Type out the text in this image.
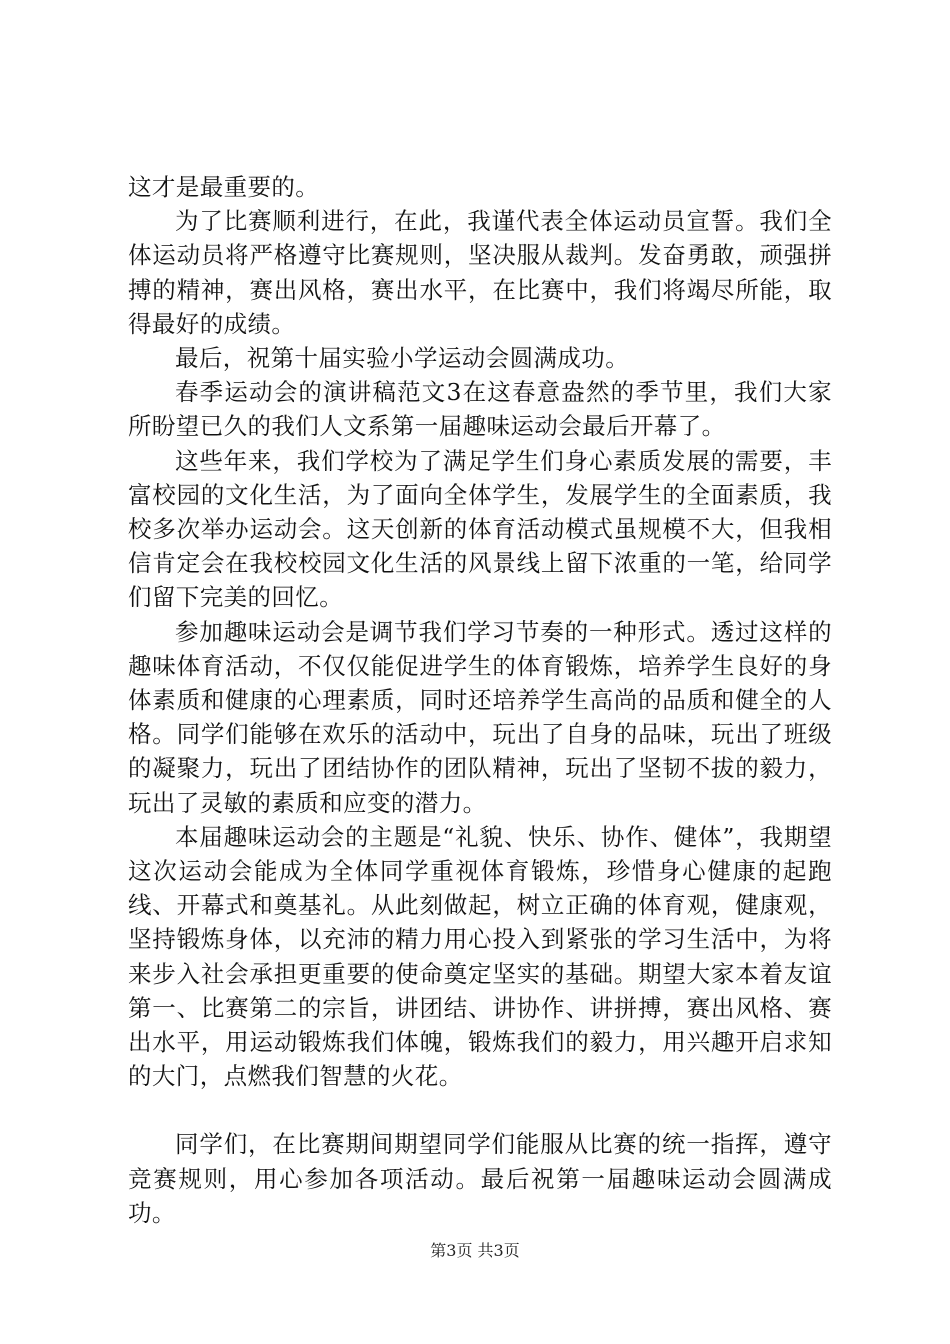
这才是最重要的。

为了比赛顺利进行，在此，我谨代表全体运动员宣誓。我们全体运动员将严格遵守比赛规则，坚决服从裁判。发奋勇敢，顽强拼搏的精神，赛出风格，赛出水平，在比赛中，我们将竭尽所能，取得最好的成绩。

最后，祝第十届实验小学运动会圆满成功。

春季运动会的演讲稿范文3在这春意盎然的季节里，我们大家所盼望已久的我们人文系第一届趣味运动会最后开幕了。

这些年来，我们学校为了满足学生们身心素质发展的需要，丰富校园的文化生活，为了面向全体学生，发展学生的全面素质，我校多次举办运动会。这天创新的体育活动模式虽规模不大，但我相信肯定会在我校校园文化生活的风景线上留下浓重的一笔，给同学们留下完美的回忆。

参加趣味运动会是调节我们学习节奏的一种形式。透过这样的趣味体育活动，不仅仅能促进学生的体育锻炼，培养学生良好的身体素质和健康的心理素质，同时还培养学生高尚的品质和健全的人格。同学们能够在欢乐的活动中，玩出了自身的品味，玩出了班级的凝聚力，玩出了团结协作的团队精神，玩出了坚韧不拔的毅力，玩出了灵敏的素质和应变的潜力。

本届趣味运动会的主题是“礼貌、快乐、协作、健体”，我期望这次运动会能成为全体同学重视体育锻炼，珍惜身心健康的起跑线、开幕式和奠基礼。从此刻做起，树立正确的体育观，健康观，坚持锻炼身体，以充沛的精力用心投入到紧张的学习生活中，为将来步入社会承担更重要的使命奠定坚实的基础。期望大家本着友谊第一、比赛第二的宗旨，讲团结、讲协作、讲拼搏，赛出风格、赛出水平，用运动锻炼我们体魄，锻炼我们的毅力，用兴趣开启求知的大门，点燃我们智慧的火花。

同学们，在比赛期间期望同学们能服从比赛的统一指挥，遵守竞赛规则，用心参加各项活动。最后祝第一届趣味运动会圆满成功。

第3页 共3页
